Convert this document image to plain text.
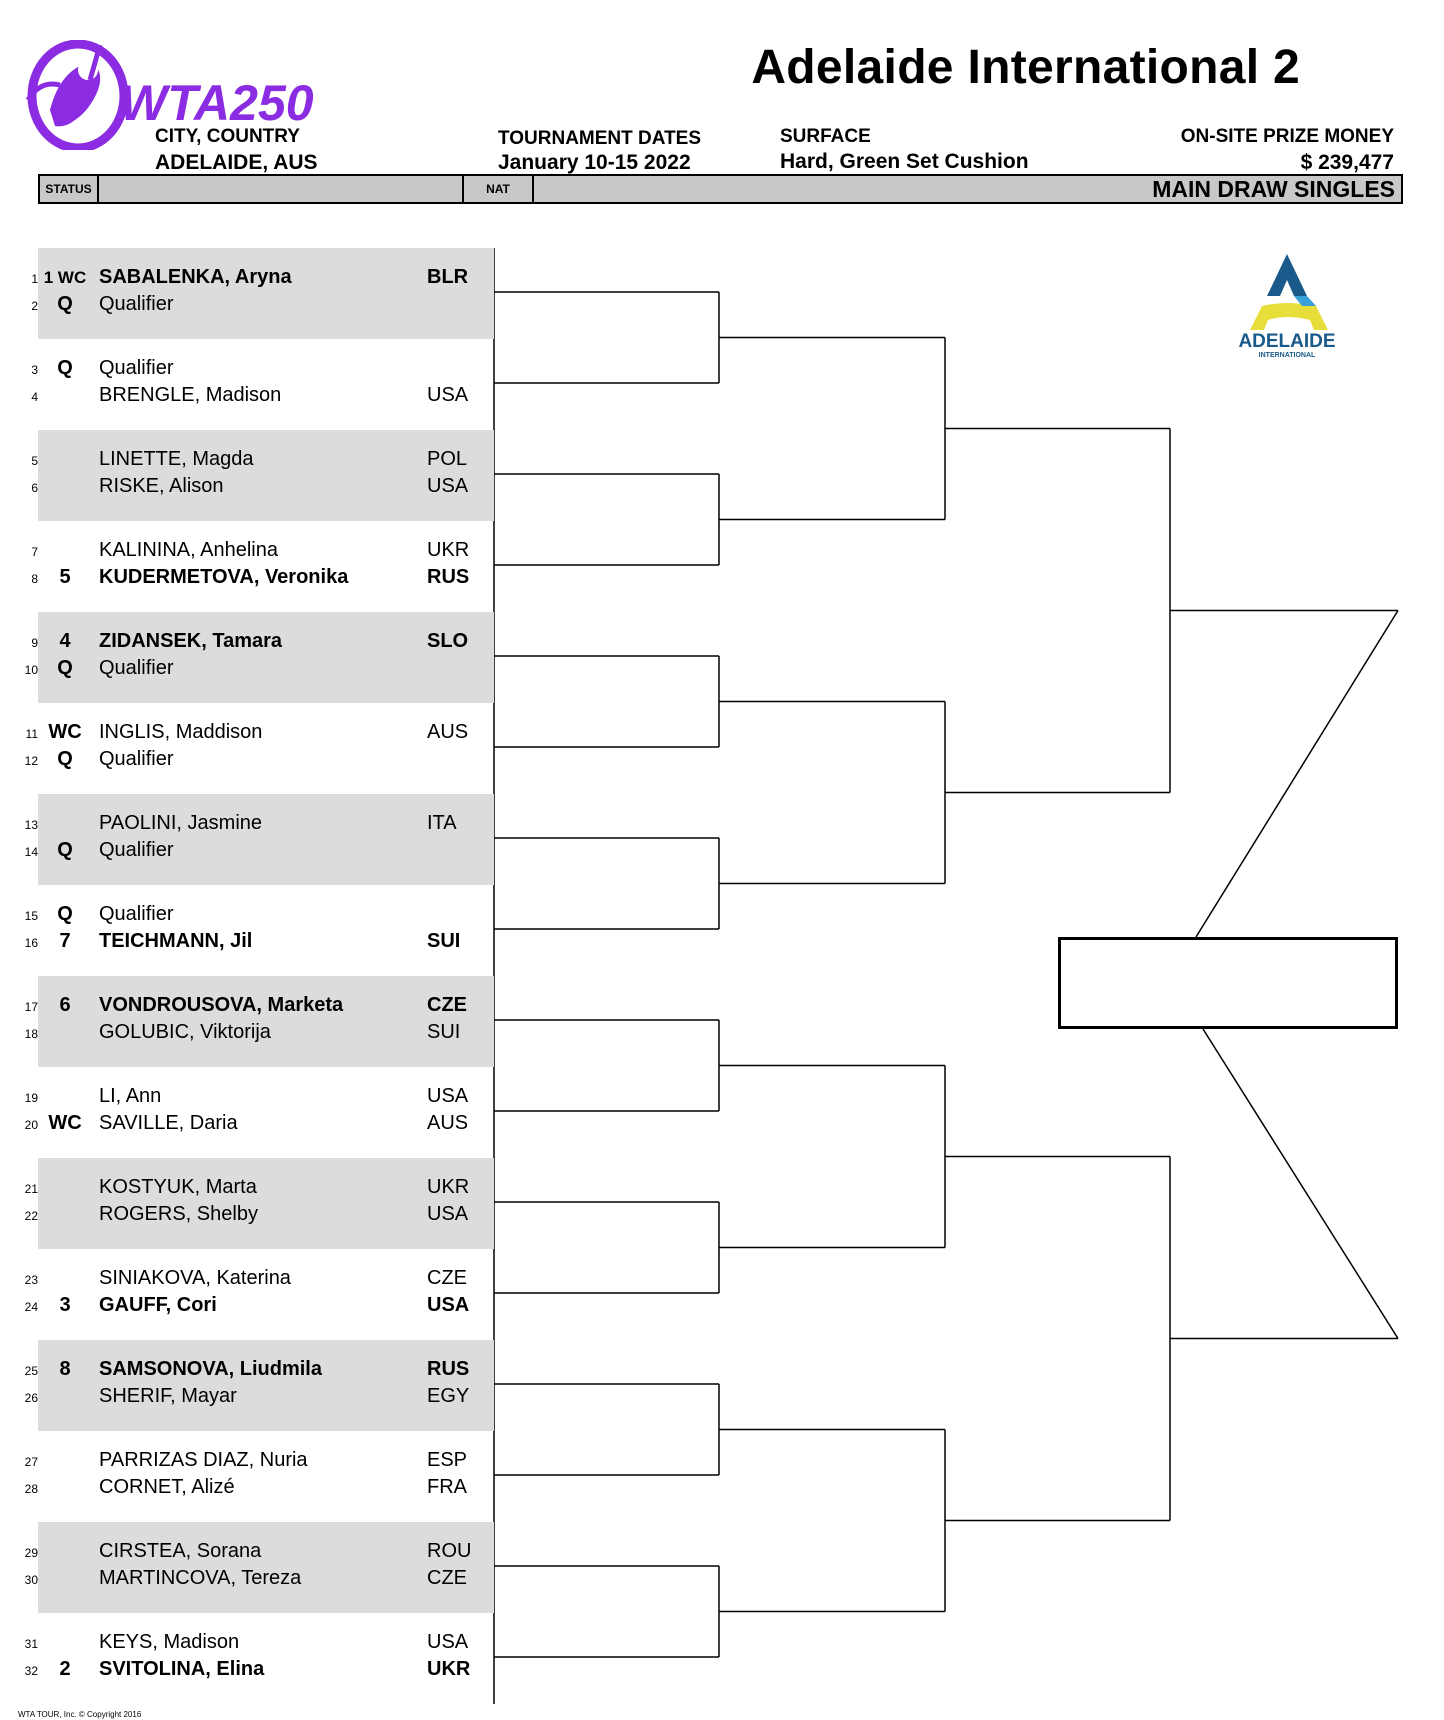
WTA250
Adelaide International 2
CITY, COUNTRY
ADELAIDE, AUS
TOURNAMENT DATES
January 10-15 2022
SURFACE
Hard, Green Set Cushion
ON-SITE PRIZE MONEY
$ 239,477
STATUS	NAT	MAIN DRAW SINGLES
1 1 WC SABALENKA, Aryna	BLR
2 Q	Qualifier
3 Q	Qualifier
4	BRENGLE, Madison	USA
5	LINETTE, Magda	POL
6	RISKE, Alison	USA
7	KALININA, Anhelina	UKR
8	5	KUDERMETOVA, Veronika	RUS
9	4	ZIDANSEK, Tamara	SLO
10 Q	Qualifier
11 WC INGLIS, Maddison	AUS
12 Q	Qualifier
13	PAOLINI, Jasmine	ITA
14 Q	Qualifier
15 Q	Qualifier
16	7	TEICHMANN, Jil	SUI
17	6	VONDROUSOVA, Marketa	CZE
18	GOLUBIC, Viktorija	SUI
19	LI, Ann	USA
20 WC SAVILLE, Daria	AUS
21	KOSTYUK, Marta	UKR
22	ROGERS, Shelby	USA
23	SINIAKOVA, Katerina	CZE
24	3	GAUFF, Cori	USA
25	8	SAMSONOVA, Liudmila	RUS
26	SHERIF, Mayar	EGY
27	PARRIZAS DIAZ, Nuria	ESP
28	CORNET, Alizé	FRA
29	CIRSTEA, Sorana	ROU
30	MARTINCOVA, Tereza	CZE
31	KEYS, Madison	USA
32	2	SVITOLINA, Elina	UKR
ADELAIDE
INTERNATIONAL
WTA TOUR, Inc. © Copyright 2016
